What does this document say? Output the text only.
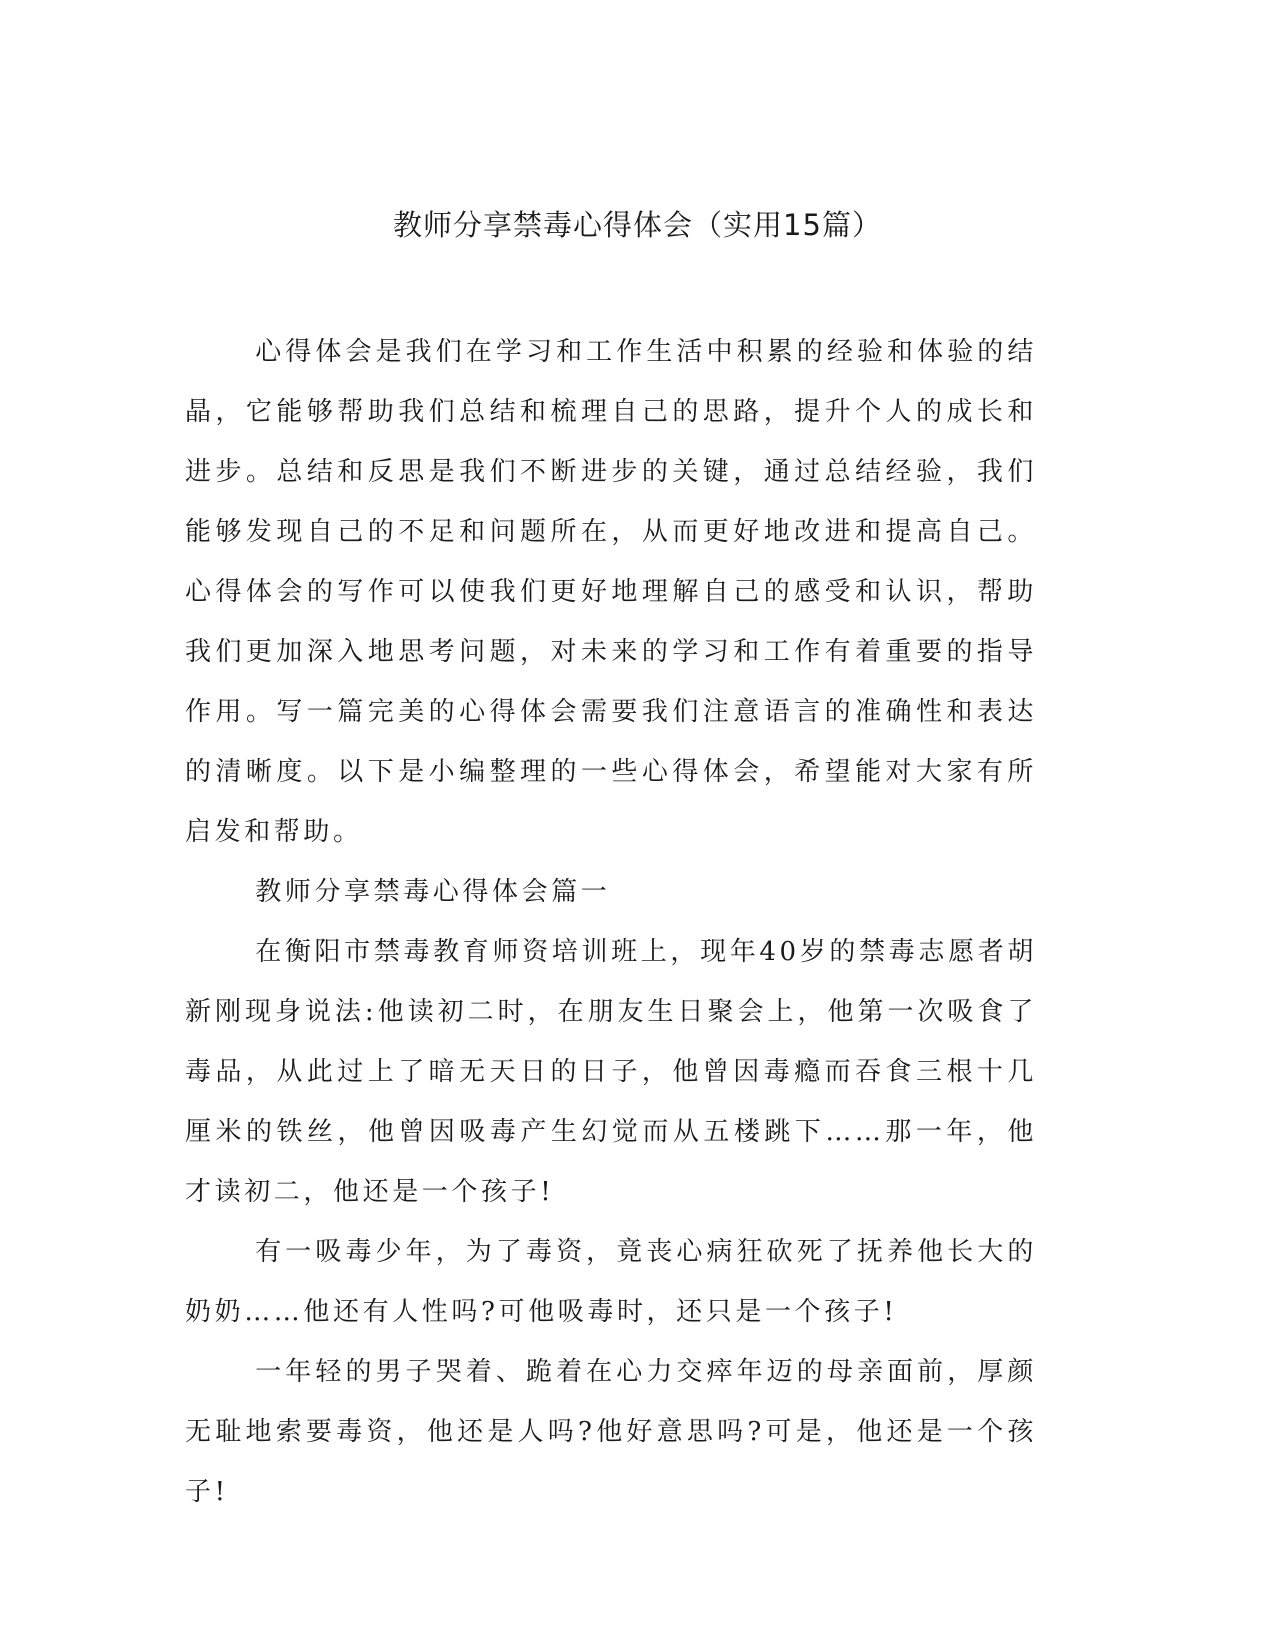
教师分享禁毒心得体会（实用15篇）

心得体会是我们在学习和工作生活中积累的经验和体验的结晶，它能够帮助我们总结和梳理自己的思路，提升个人的成长和进步。总结和反思是我们不断进步的关键，通过总结经验，我们能够发现自己的不足和问题所在，从而更好地改进和提高自己。心得体会的写作可以使我们更好地理解自己的感受和认识，帮助我们更加深入地思考问题，对未来的学习和工作有着重要的指导作用。写一篇完美的心得体会需要我们注意语言的准确性和表达的清晰度。以下是小编整理的一些心得体会，希望能对大家有所启发和帮助。

教师分享禁毒心得体会篇一

在衡阳市禁毒教育师资培训班上，现年40岁的禁毒志愿者胡新刚现身说法:他读初二时，在朋友生日聚会上，他第一次吸食了毒品，从此过上了暗无天日的日子，他曾因毒瘾而吞食三根十几厘米的铁丝，他曾因吸毒产生幻觉而从五楼跳下……那一年，他才读初二，他还是一个孩子!

有一吸毒少年，为了毒资，竟丧心病狂砍死了抚养他长大的奶奶……他还有人性吗?可他吸毒时，还只是一个孩子!

一年轻的男子哭着、跪着在心力交瘁年迈的母亲面前，厚颜无耻地索要毒资，他还是人吗?他好意思吗?可是，他还是一个孩子!
